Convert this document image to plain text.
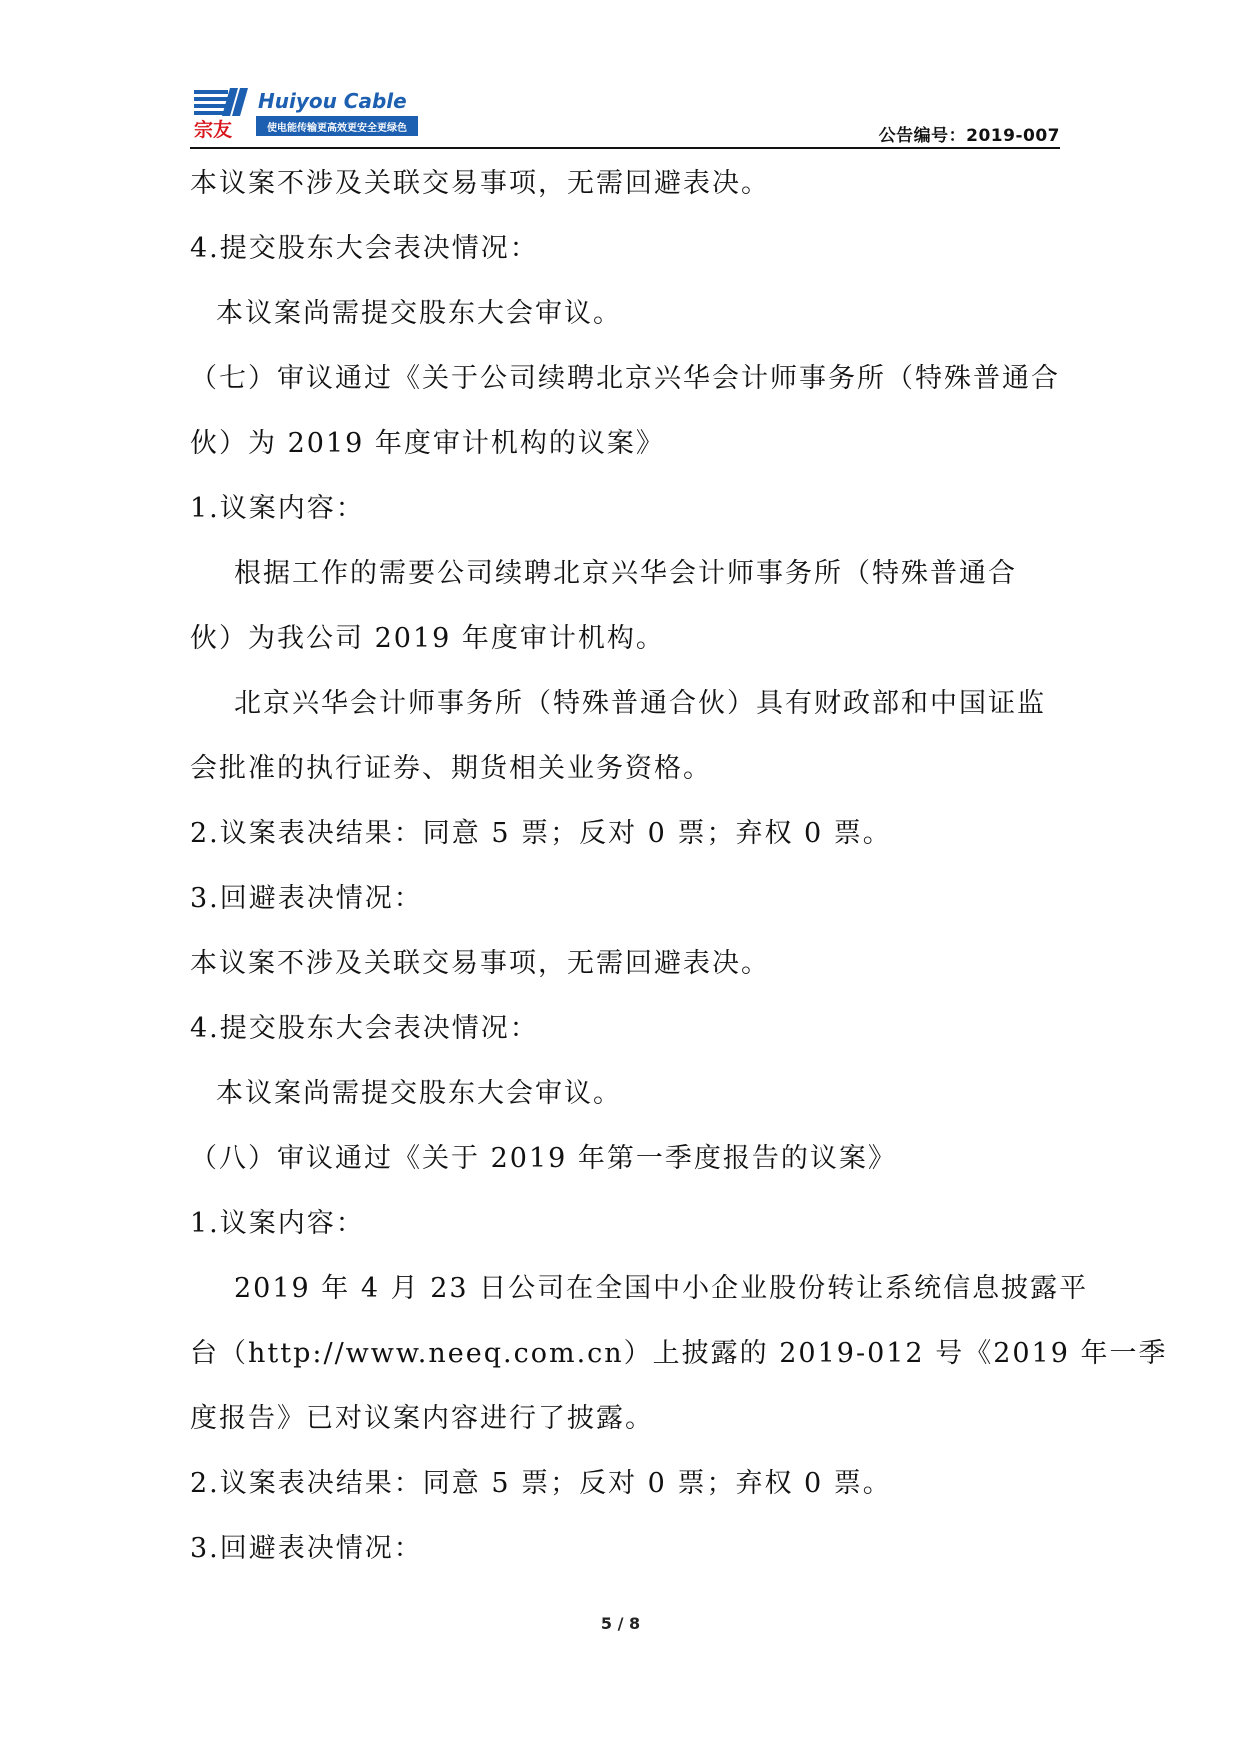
宗友
Huiyou Cable
使电能传输更高效更安全更绿色	公告编号：2019-007
本议案不涉及关联交易事项，无需回避表决。
4.提交股东大会表决情况：
本议案尚需提交股东大会审议。
（七）审议通过《关于公司续聘北京兴华会计师事务所（特殊普通合
伙）为 2019 年度审计机构的议案》
1.议案内容：
根据工作的需要公司续聘北京兴华会计师事务所（特殊普通合
伙）为我公司 2019 年度审计机构。
北京兴华会计师事务所（特殊普通合伙）具有财政部和中国证监
会批准的执行证券、期货相关业务资格。
2.议案表决结果：同意 5 票；反对 0 票；弃权 0 票。
3.回避表决情况：
本议案不涉及关联交易事项，无需回避表决。
4.提交股东大会表决情况：
本议案尚需提交股东大会审议。
（八）审议通过《关于 2019 年第一季度报告的议案》
1.议案内容：
2019 年 4 月 23 日公司在全国中小企业股份转让系统信息披露平
台（http://www.neeq.com.cn）上披露的 2019-012 号《2019 年一季
度报告》已对议案内容进行了披露。
2.议案表决结果：同意 5 票；反对 0 票；弃权 0 票。
3.回避表决情况：
5 / 8
